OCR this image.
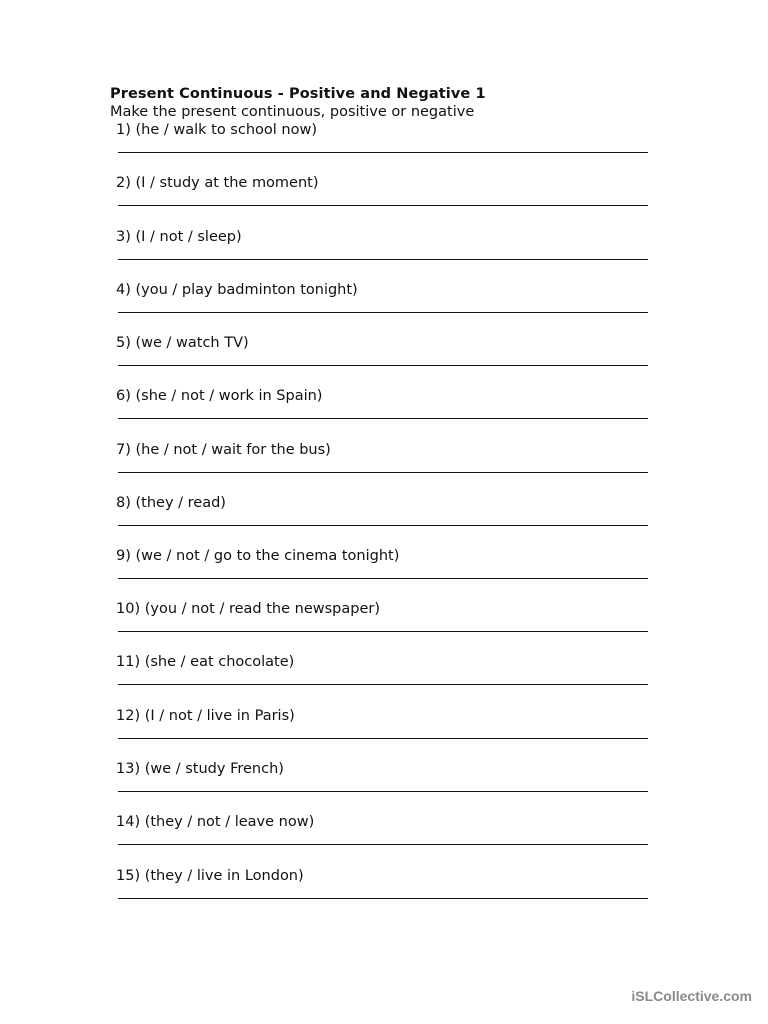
Present Continuous - Positive and Negative 1
Make the present continuous, positive or negative
1) (he / walk to school now)
2) (I / study at the moment)
3) (I / not / sleep)
4) (you / play badminton tonight)
5) (we / watch TV)
6) (she / not / work in Spain)
7) (he / not / wait for the bus)
8) (they / read)
9) (we / not / go to the cinema tonight)
10) (you / not / read the newspaper)
11) (she / eat chocolate)
12) (I / not / live in Paris)
13) (we / study French)
14) (they / not / leave now)
15) (they / live in London)
iSLCollective.com
